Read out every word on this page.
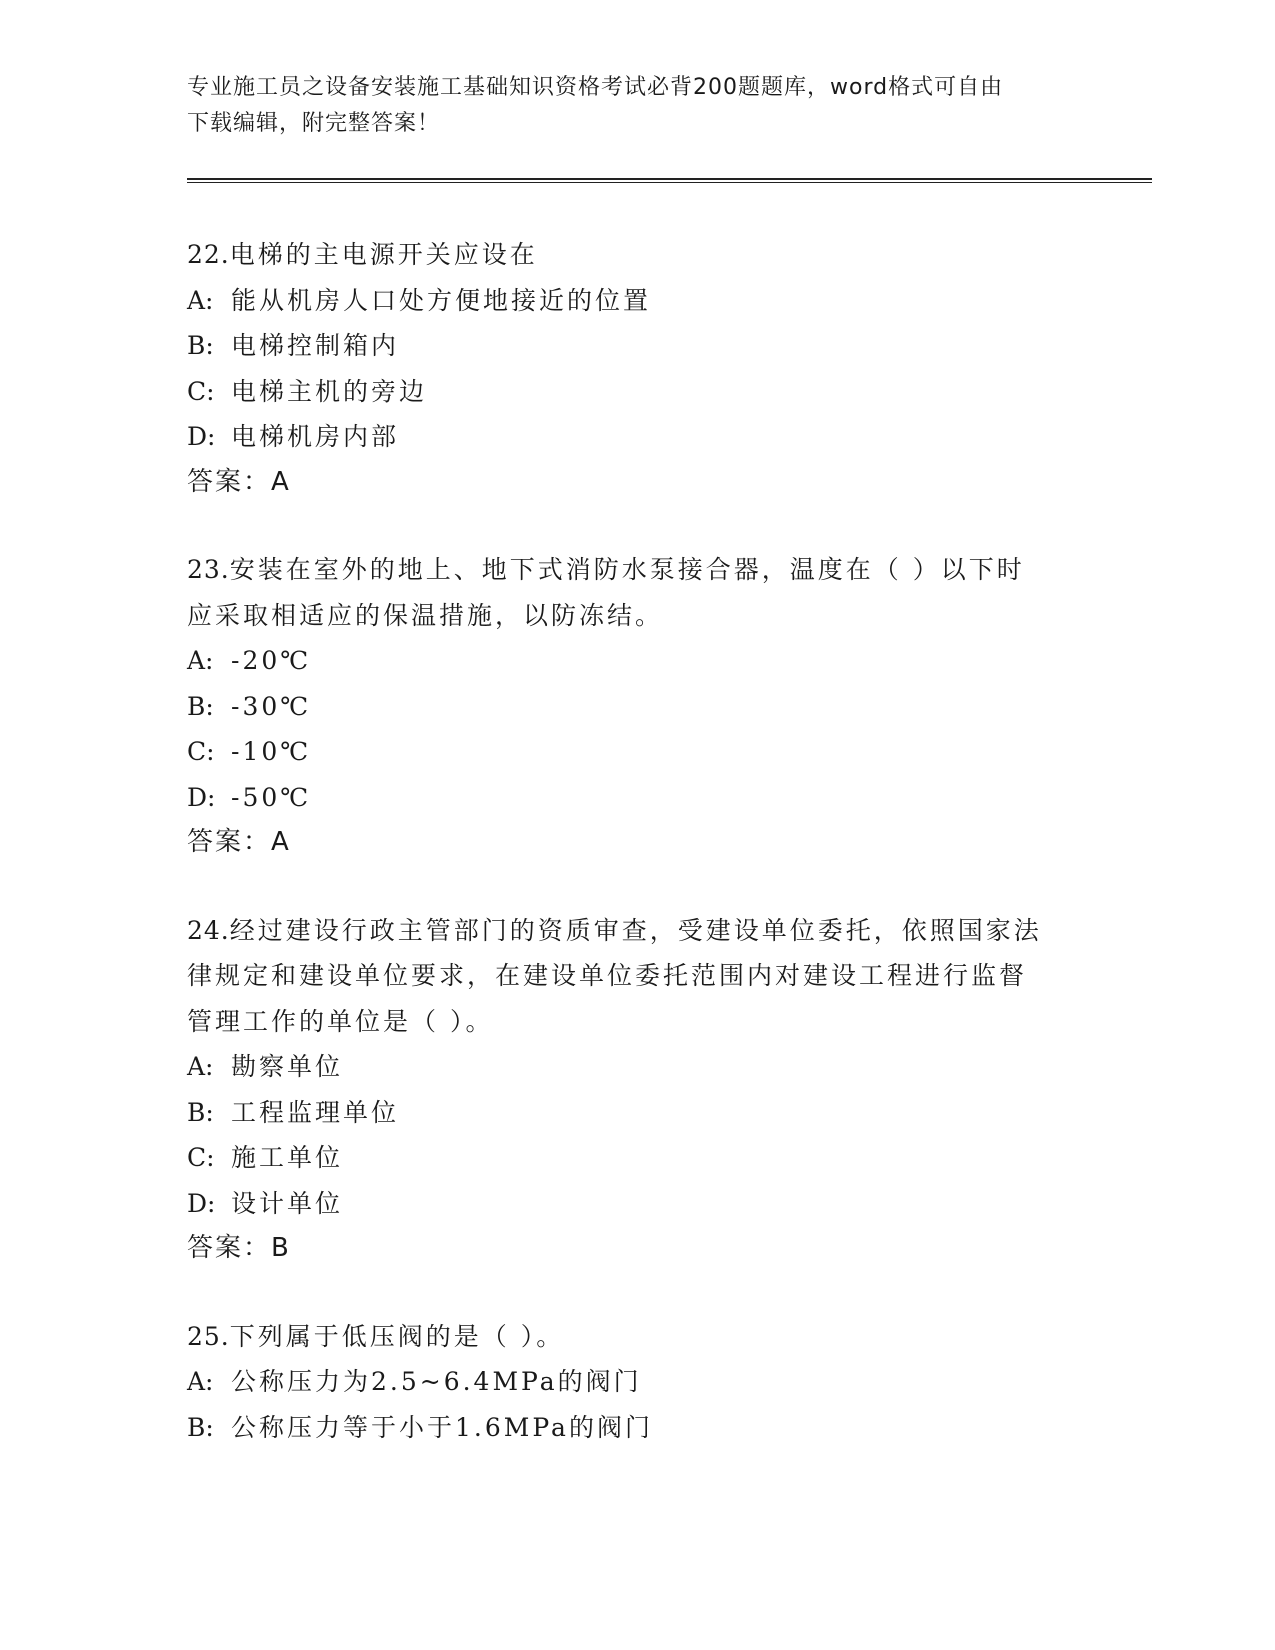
专业施工员之设备安装施工基础知识资格考试必背200题题库，word格式可自由
下载编辑，附完整答案！
22.电梯的主电源开关应设在
A: 能从机房人口处方便地接近的位置
B: 电梯控制箱内
C: 电梯主机的旁边
D: 电梯机房内部
答案：A
23.安装在室外的地上、地下式消防水泵接合器，温度在（ ）以下时
应采取相适应的保温措施，以防冻结。
A: -20℃
B: -30℃
C: -10℃
D: -50℃
答案：A
24.经过建设行政主管部门的资质审查，受建设单位委托，依照国家法
律规定和建设单位要求，在建设单位委托范围内对建设工程进行监督
管理工作的单位是（ ）。
A: 勘察单位
B: 工程监理单位
C: 施工单位
D: 设计单位
答案：B
25.下列属于低压阀的是（ ）。
A: 公称压力为2.5~6.4MPa的阀门
B: 公称压力等于小于1.6MPa的阀门
